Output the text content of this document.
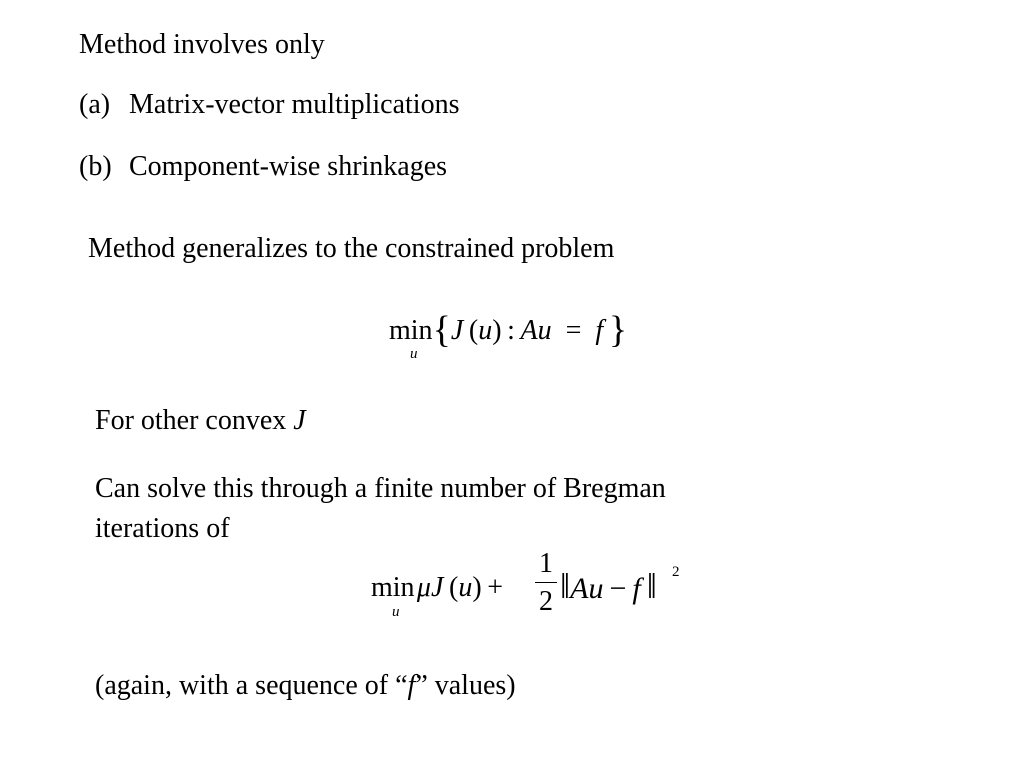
Method involves only
(a) Matrix-vector multiplications
(b) Component-wise shrinkages
Method generalizes to the constrained problem
min{J  (u)  :  Au  =  f  }
u
For other convex J
Can solve this through a finite number of Bregman
iterations of
min μJ  (u)  +
u
1
2 ‖Au  −  f  ‖ 2
(again, with a sequence of “f” values)
